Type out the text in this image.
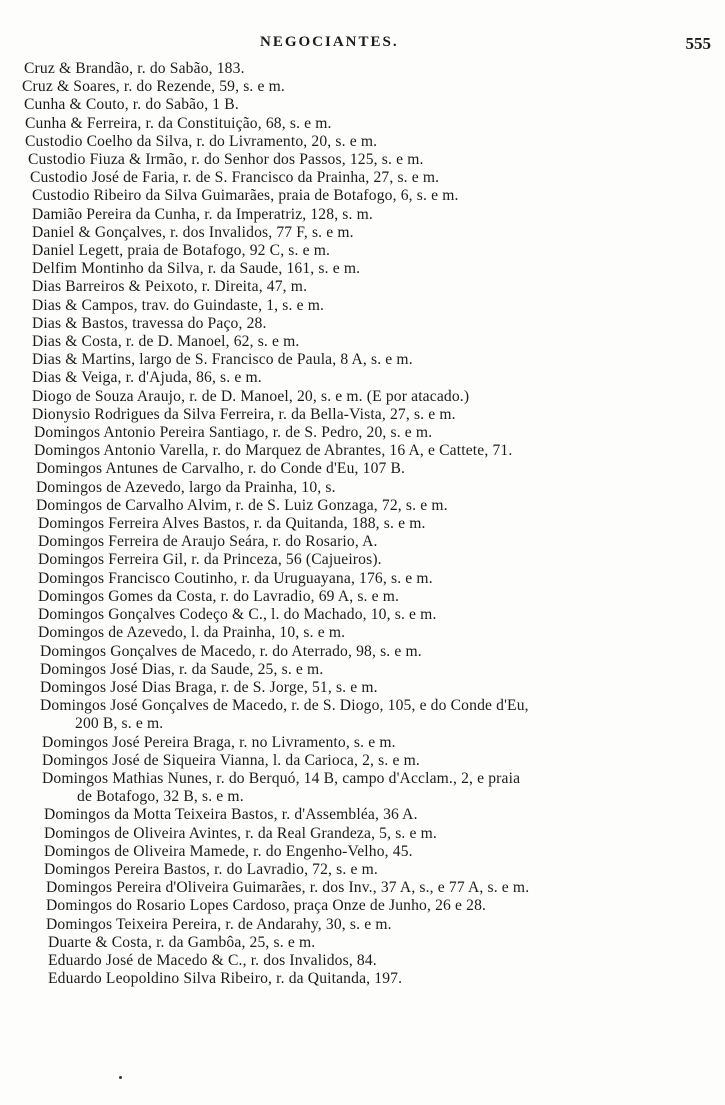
NEGOCIANTES.	555
Cruz & Brandão, r. do Sabão, 183.
Cruz & Soares, r. do Rezende, 59, s. e m.
Cunha & Couto, r. do Sabão, 1 B.
Cunha & Ferreira, r. da Constituição, 68, s. e m.
Custodio Coelho da Silva, r. do Livramento, 20, s. e m.
Custodio Fiuza & Irmão, r. do Senhor dos Passos, 125, s. e m.
Custodio José de Faria, r. de S. Francisco da Prainha, 27, s. e m.
Custodio Ribeiro da Silva Guimarães, praia de Botafogo, 6, s. e m.
Damião Pereira da Cunha, r. da Imperatriz, 128, s. m.
Daniel & Gonçalves, r. dos Invalidos, 77 F, s. e m.
Daniel Legett, praia de Botafogo, 92 C, s. e m.
Delfim Montinho da Silva, r. da Saude, 161, s. e m.
Dias Barreiros & Peixoto, r. Direita, 47, m.
Dias & Campos, trav. do Guindaste, 1, s. e m.
Dias & Bastos, travessa do Paço, 28.
Dias & Costa, r. de D. Manoel, 62, s. e m.
Dias & Martins, largo de S. Francisco de Paula, 8 A, s. e m.
Dias & Veiga, r. d'Ajuda, 86, s. e m.
Diogo de Souza Araujo, r. de D. Manoel, 20, s. e m. (E por atacado.)
Dionysio Rodrigues da Silva Ferreira, r. da Bella-Vista, 27, s. e m.
Domingos Antonio Pereira Santiago, r. de S. Pedro, 20, s. e m.
Domingos Antonio Varella, r. do Marquez de Abrantes, 16 A, e Cattete, 71.
Domingos Antunes de Carvalho, r. do Conde d'Eu, 107 B.
Domingos de Azevedo, largo da Prainha, 10, s.
Domingos de Carvalho Alvim, r. de S. Luiz Gonzaga, 72, s. e m.
Domingos Ferreira Alves Bastos, r. da Quitanda, 188, s. e m.
Domingos Ferreira de Araujo Seára, r. do Rosario, A.
Domingos Ferreira Gil, r. da Princeza, 56 (Cajueiros).
Domingos Francisco Coutinho, r. da Uruguayana, 176, s. e m.
Domingos Gomes da Costa, r. do Lavradio, 69 A, s. e m.
Domingos Gonçalves Codeço & C., l. do Machado, 10, s. e m.
Domingos de Azevedo, l. da Prainha, 10, s. e m.
Domingos Gonçalves de Macedo, r. do Aterrado, 98, s. e m.
Domingos José Dias, r. da Saude, 25, s. e m.
Domingos José Dias Braga, r. de S. Jorge, 51, s. e m.
Domingos José Gonçalves de Macedo, r. de S. Diogo, 105, e do Conde d'Eu,
200 B, s. e m.
Domingos José Pereira Braga, r. no Livramento, s. e m.
Domingos José de Siqueira Vianna, l. da Carioca, 2, s. e m.
Domingos Mathias Nunes, r. do Berquó, 14 B, campo d'Acclam., 2, e praia
de Botafogo, 32 B, s. e m.
Domingos da Motta Teixeira Bastos, r. d'Assembléa, 36 A.
Domingos de Oliveira Avintes, r. da Real Grandeza, 5, s. e m.
Domingos de Oliveira Mamede, r. do Engenho-Velho, 45.
Domingos Pereira Bastos, r. do Lavradio, 72, s. e m.
Domingos Pereira d'Oliveira Guimarães, r. dos Inv., 37 A, s., e 77 A, s. e m.
Domingos do Rosario Lopes Cardoso, praça Onze de Junho, 26 e 28.
Domingos Teixeira Pereira, r. de Andarahy, 30, s. e m.
Duarte & Costa, r. da Gambôa, 25, s. e m.
Eduardo José de Macedo & C., r. dos Invalidos, 84.
Eduardo Leopoldino Silva Ribeiro, r. da Quitanda, 197.
